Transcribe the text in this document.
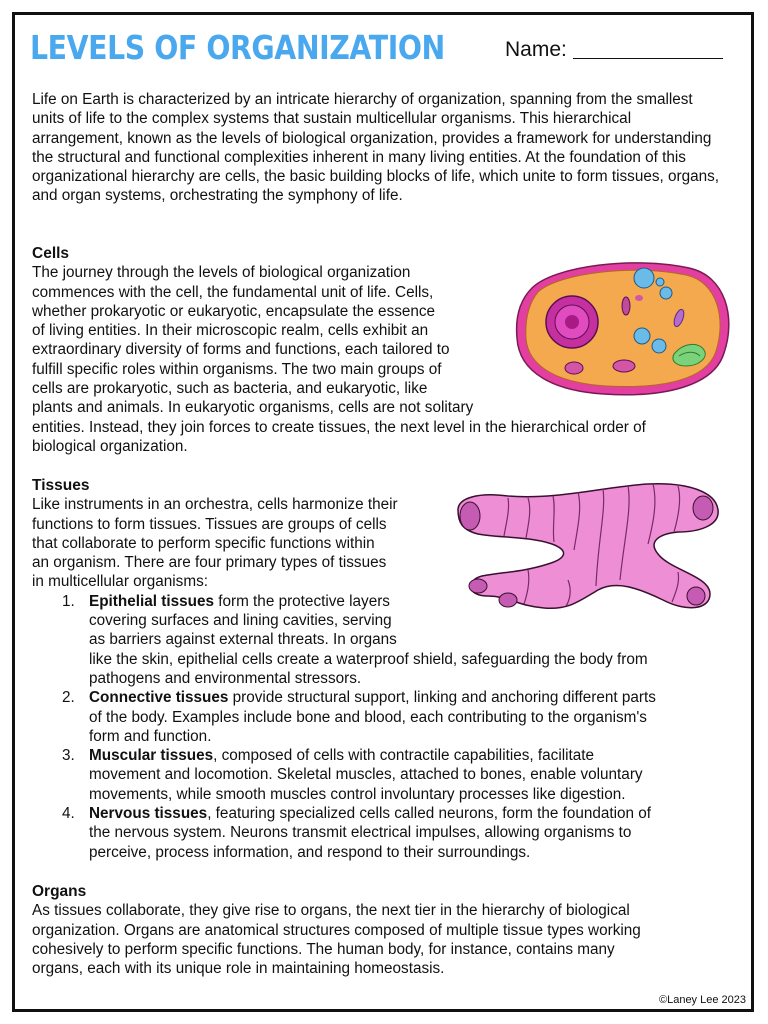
LEVELS OF ORGANIZATION	Name:

Life on Earth is characterized by an intricate hierarchy of organization, spanning from the smallest units of life to the complex systems that sustain multicellular organisms. This hierarchical arrangement, known as the levels of biological organization, provides a framework for understanding the structural and functional complexities inherent in many living entities. At the foundation of this organizational hierarchy are cells, the basic building blocks of life, which unite to form tissues, organs, and organ systems, orchestrating the symphony of life.

Cells
The journey through the levels of biological organization
commences with the cell, the fundamental unit of life. Cells,
whether prokaryotic or eukaryotic, encapsulate the essence
of living entities. In their microscopic realm, cells exhibit an
extraordinary diversity of forms and functions, each tailored to
fulfill specific roles within organisms. The two main groups of
cells are prokaryotic, such as bacteria, and eukaryotic, like
plants and animals. In eukaryotic organisms, cells are not solitary
entities. Instead, they join forces to create tissues, the next level in the hierarchical order of
biological organization.
Tissues
Like instruments in an orchestra, cells harmonize their
functions to form tissues. Tissues are groups of cells
that collaborate to perform specific functions within
an organism. There are four primary types of tissues
in multicellular organisms:
1. Epithelial tissues form the protective layers
covering surfaces and lining cavities, serving
as barriers against external threats. In organs
like the skin, epithelial cells create a waterproof shield, safeguarding the body from
pathogens and environmental stressors.
2. Connective tissues provide structural support, linking and anchoring different parts
of the body. Examples include bone and blood, each contributing to the organism's
form and function.
3. Muscular tissues, composed of cells with contractile capabilities, facilitate
movement and locomotion. Skeletal muscles, attached to bones, enable voluntary
movements, while smooth muscles control involuntary processes like digestion.
4. Nervous tissues, featuring specialized cells called neurons, form the foundation of
the nervous system. Neurons transmit electrical impulses, allowing organisms to
perceive, process information, and respond to their surroundings.
Organs
As tissues collaborate, they give rise to organs, the next tier in the hierarchy of biological
organization. Organs are anatomical structures composed of multiple tissue types working
cohesively to perform specific functions. The human body, for instance, contains many
organs, each with its unique role in maintaining homeostasis.
©Laney Lee 2023
